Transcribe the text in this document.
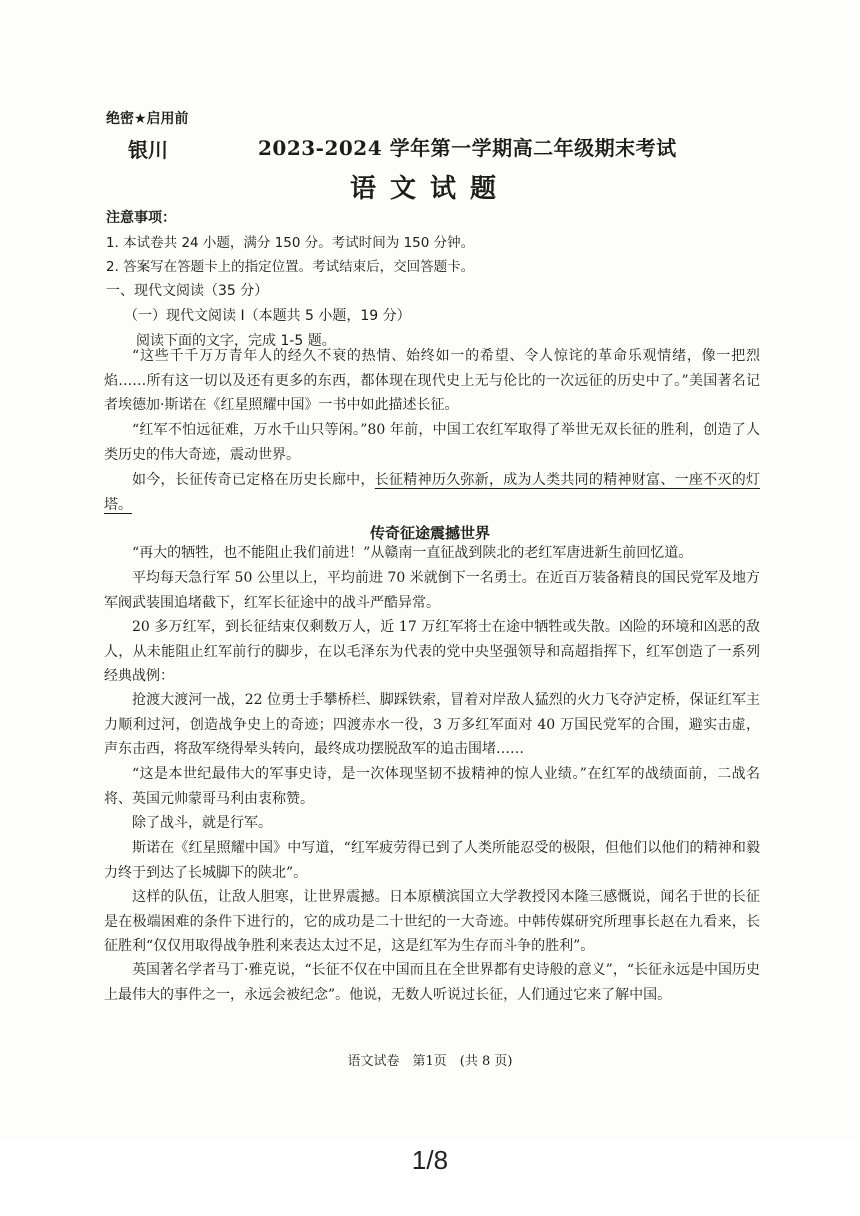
绝密★启用前
银川	2023-2024 学年第一学期高二年级期末考试
语文试题
注意事项：
1. 本试卷共 24 小题，满分 150 分。考试时间为 150 分钟。
2. 答案写在答题卡上的指定位置。考试结束后，交回答题卡。
一、现代文阅读（35 分）
（一）现代文阅读 I（本题共 5 小题，19 分）
阅读下面的文字，完成 1-5 题。

“这些千千万万青年人的经久不衰的热情、始终如一的希望、令人惊诧的革命乐观情绪，像一把烈焰……所有这一切以及还有更多的东西，都体现在现代史上无与伦比的一次远征的历史中了。”美国著名记者埃德加·斯诺在《红星照耀中国》一书中如此描述长征。

“红军不怕远征难，万水千山只等闲。”80 年前，中国工农红军取得了举世无双长征的胜利，创造了人类历史的伟大奇迹，震动世界。

如今，长征传奇已定格在历史长廊中，长征精神历久弥新，成为人类共同的精神财富、一座不灭的灯塔。

传奇征途震撼世界

“再大的牺牲，也不能阻止我们前进！”从赣南一直征战到陕北的老红军唐进新生前回忆道。

平均每天急行军 50 公里以上，平均前进 70 米就倒下一名勇士。在近百万装备精良的国民党军及地方军阀武装围追堵截下，红军长征途中的战斗严酷异常。

20 多万红军，到长征结束仅剩数万人，近 17 万红军将士在途中牺牲或失散。凶险的环境和凶恶的敌人，从未能阻止红军前行的脚步，在以毛泽东为代表的党中央坚强领导和高超指挥下，红军创造了一系列经典战例：

抢渡大渡河一战，22 位勇士手攀桥栏、脚踩铁索，冒着对岸敌人猛烈的火力飞夺泸定桥，保证红军主力顺利过河，创造战争史上的奇迹；四渡赤水一役，3 万多红军面对 40 万国民党军的合围，避实击虚，声东击西，将敌军绕得晕头转向，最终成功摆脱敌军的追击围堵……

“这是本世纪最伟大的军事史诗，是一次体现坚韧不拔精神的惊人业绩。”在红军的战绩面前，二战名将、英国元帅蒙哥马利由衷称赞。

除了战斗，就是行军。

斯诺在《红星照耀中国》中写道，“红军疲劳得已到了人类所能忍受的极限，但他们以他们的精神和毅力终于到达了长城脚下的陕北”。

这样的队伍，让敌人胆寒，让世界震撼。日本原横滨国立大学教授冈本隆三感慨说，闻名于世的长征是在极端困难的条件下进行的，它的成功是二十世纪的一大奇迹。中韩传媒研究所理事长赵在九看来，长征胜利“仅仅用取得战争胜利来表达太过不足，这是红军为生存而斗争的胜利”。

英国著名学者马丁·雅克说，“长征不仅在中国而且在全世界都有史诗般的意义”，“长征永远是中国历史上最伟大的事件之一，永远会被纪念”。他说，无数人听说过长征，人们通过它来了解中国。

语文试卷　第1页　(共 8 页)
1/8
